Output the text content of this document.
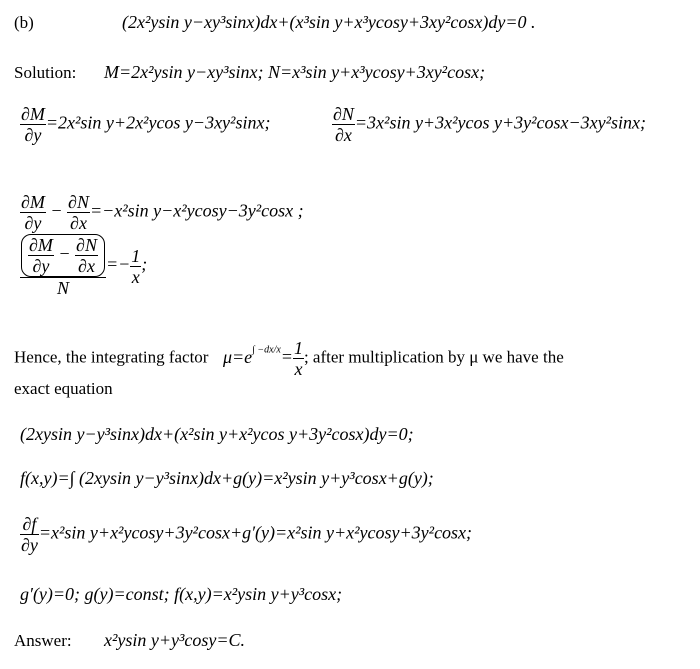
(b)	(2x²ysin y−xy³sinx)dx+(x³sin y+x³ycosy+3xy²cosx)dy=0 .
Solution: M=2x²ysin y−xy³sinx; N=x³sin y+x³ycosy+3xy²cosx;
$\frac{\partial M}{\partial y} =2x^2\sin$ y+2x²ycos y−3xy²sinx;	$\frac{\partial N}{\partial x} =3x^2\sin$ y+3x²ycos y+3y²cosx−3xy²sinx;
$\frac{\partial M}{\partial y} - \frac{\partial N}{\partial x} =-x^2\sin$ y−x²ycosy−3y²cosx ;
$\frac{\frac{\partial M}{\partial y} - \frac{\partial N}{\partial x}}{N} =- \frac{1}{x}$ ;
Hence, the integrating factor $\mu=e^{\int -dx/x}= \frac{1}{x}$ ; after multiplication by μ we have the
exact equation
(2xysin y−y³sinx)dx+(x²sin y+x²ycos y+3y²cosx)dy=0;
f(x,y)=∫ (2xysin y−y³sinx)dx+g(y)=x²ysin y+y³cosx+g(y);
$\frac{\partial f}{\partial y} =x^2\sin$ y+x²ycosy+3y²cosx+g′(y)=x²sin y+x²ycosy+3y²cosx;
g′(y)=0; g(y)=const; f(x,y)=x²ysin y+y³cosx;
Answer: x²ysin y+y³cosy=C.
